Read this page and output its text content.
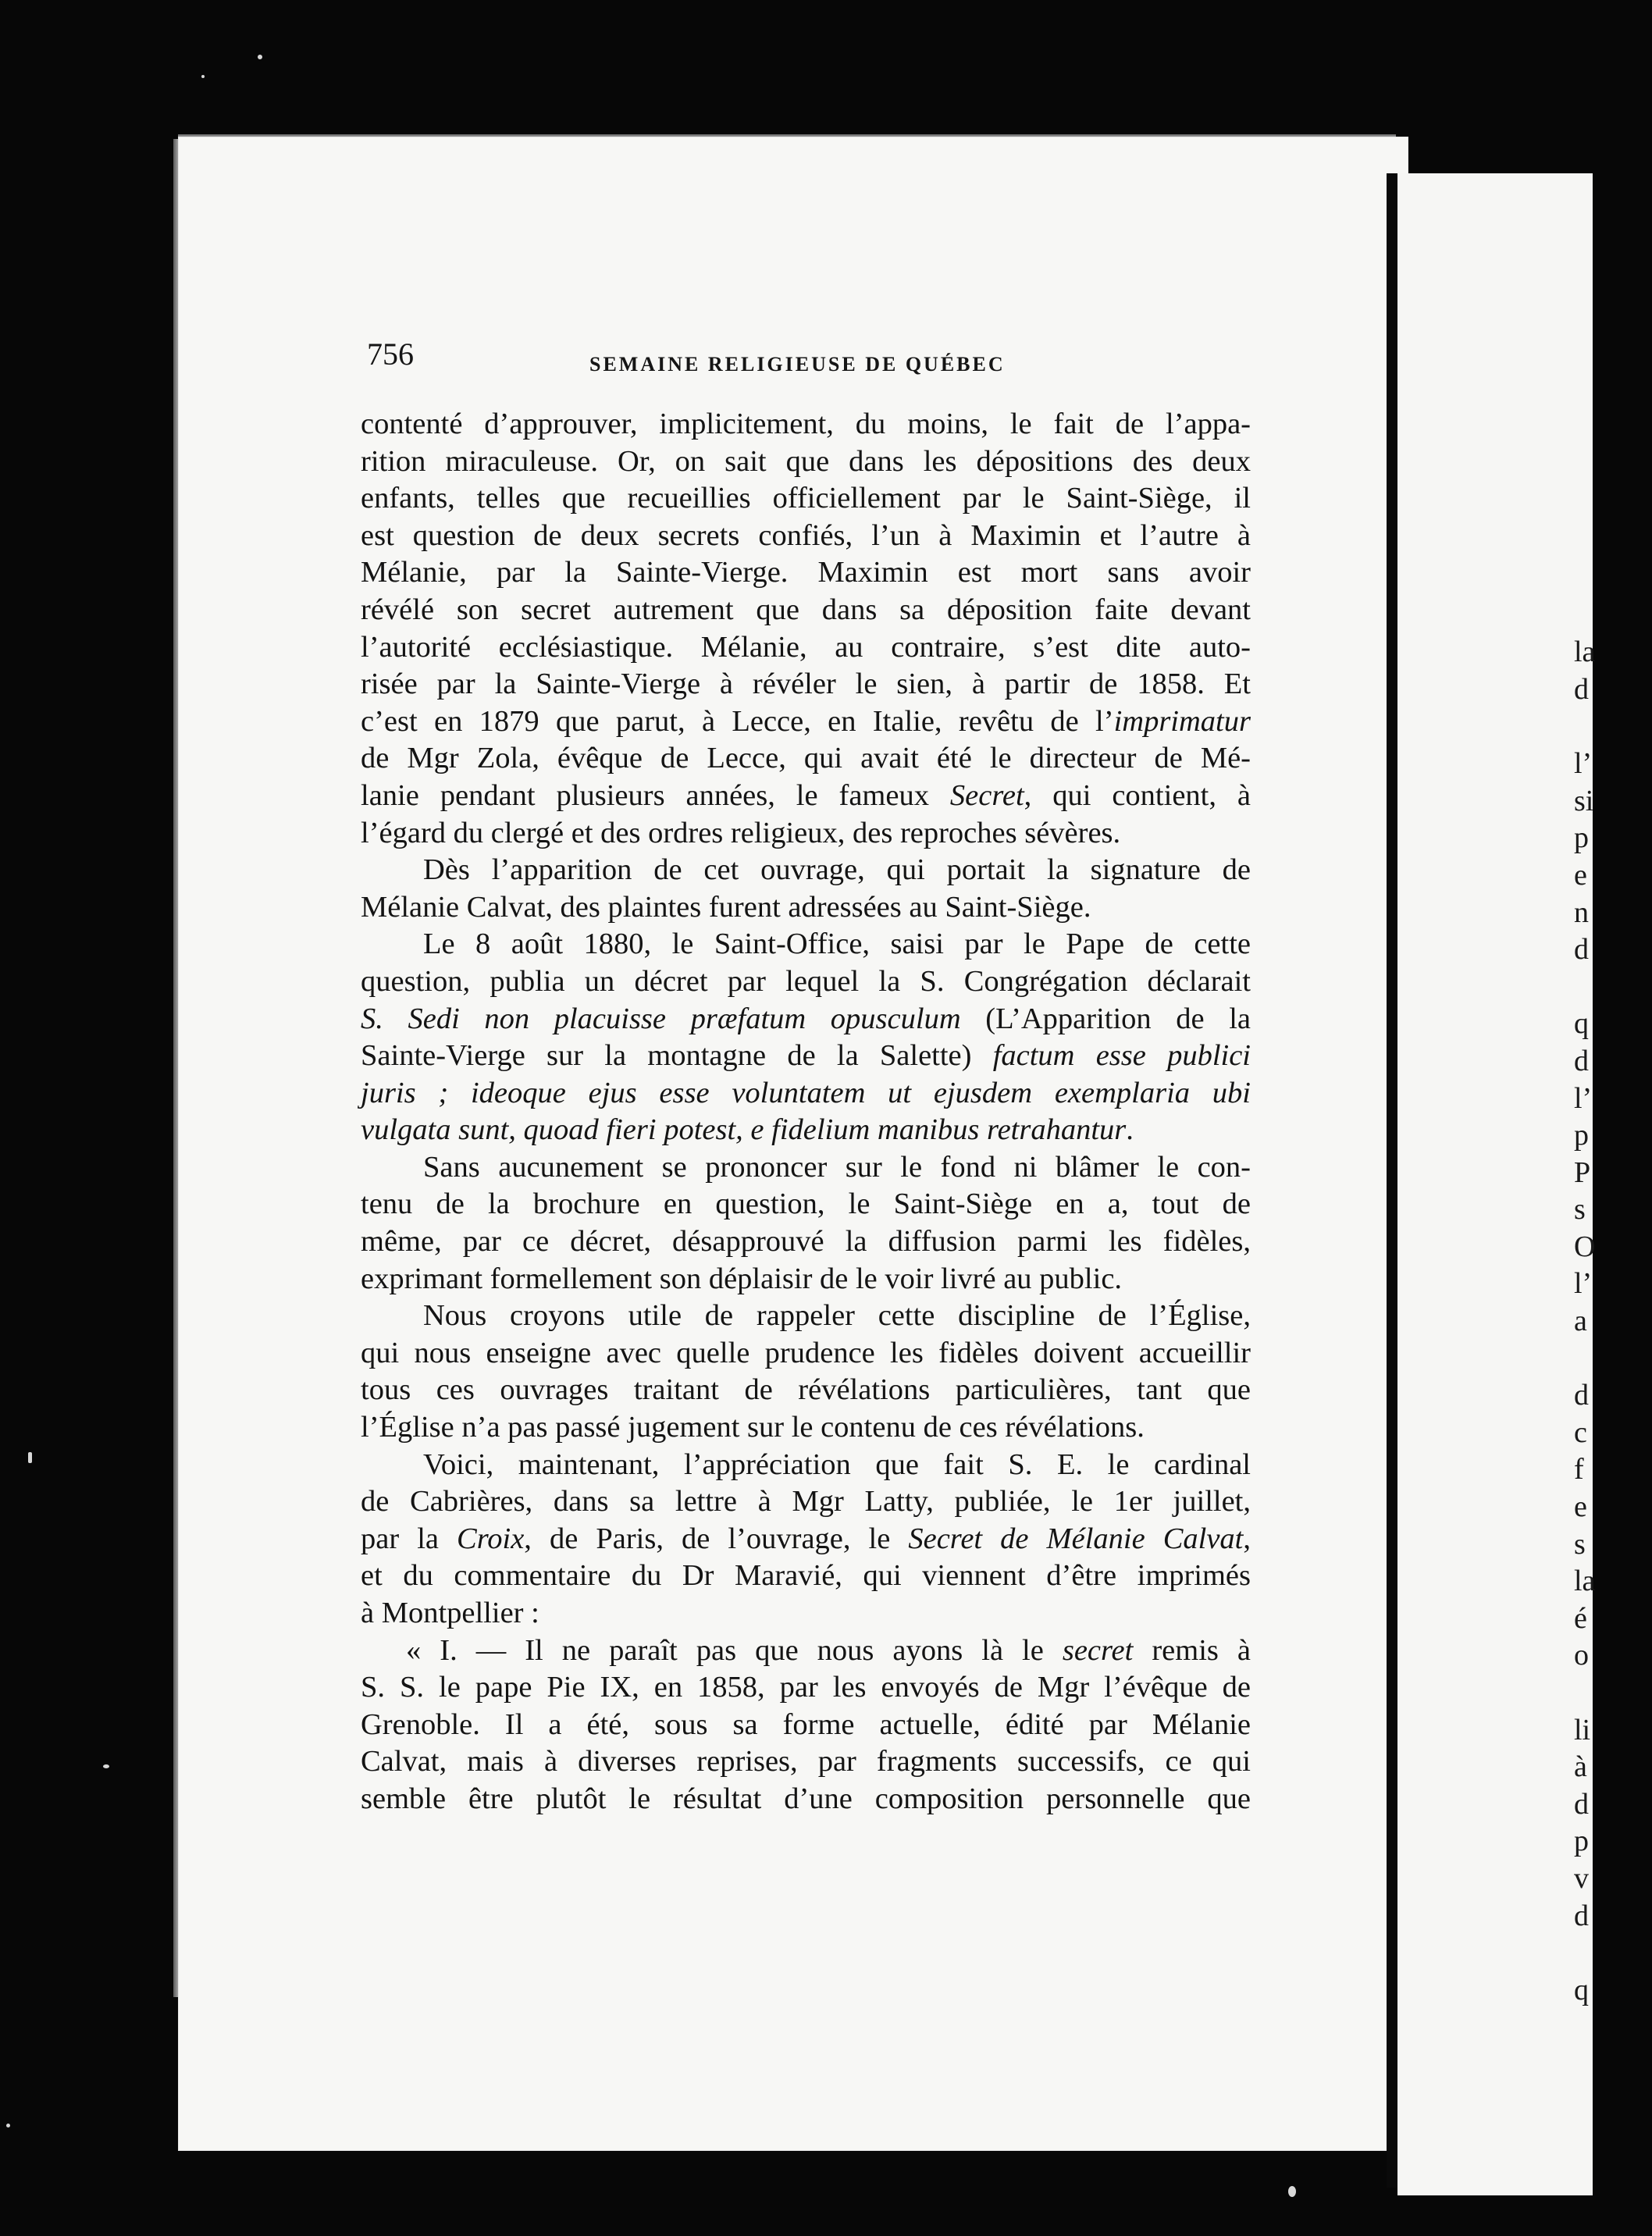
la
d
l’
si
p
e
n
d
q
d
l’
p
P
s
O
l’
a
d
c
f
e
s
la
é
o
li
à
d
p
v
d
q
756	SEMAINE RELIGIEUSE DE QUÉBEC
contenté d’approuver, implicitement, du moins, le fait de l’appa-
rition miraculeuse. Or, on sait que dans les dépositions des deux
enfants, telles que recueillies officiellement par le Saint-Siège, il
est question de deux secrets confiés, l’un à Maximin et l’autre à
Mélanie, par la Sainte-Vierge. Maximin est mort sans avoir
révélé son secret autrement que dans sa déposition faite devant
l’autorité ecclésiastique. Mélanie, au contraire, s’est dite auto-
risée par la Sainte-Vierge à révéler le sien, à partir de 1858. Et
c’est en 1879 que parut, à Lecce, en Italie, revêtu de l’imprimatur
de Mgr Zola, évêque de Lecce, qui avait été le directeur de Mé-
lanie pendant plusieurs années, le fameux Secret, qui contient, à
l’égard du clergé et des ordres religieux, des reproches sévères.
Dès l’apparition de cet ouvrage, qui portait la signature de
Mélanie Calvat, des plaintes furent adressées au Saint-Siège.
Le 8 août 1880, le Saint-Office, saisi par le Pape de cette
question, publia un décret par lequel la S. Congrégation déclarait
S. Sedi non placuisse præfatum opusculum (L’Apparition de la
Sainte-Vierge sur la montagne de la Salette) factum esse publici
juris ; ideoque ejus esse voluntatem ut ejusdem exemplaria ubi
vulgata sunt, quoad fieri potest, e fidelium manibus retrahantur.
Sans aucunement se prononcer sur le fond ni blâmer le con-
tenu de la brochure en question, le Saint-Siège en a, tout de
même, par ce décret, désapprouvé la diffusion parmi les fidèles,
exprimant formellement son déplaisir de le voir livré au public.
Nous croyons utile de rappeler cette discipline de l’Église,
qui nous enseigne avec quelle prudence les fidèles doivent accueillir
tous ces ouvrages traitant de révélations particulières, tant que
l’Église n’a pas passé jugement sur le contenu de ces révélations.
Voici, maintenant, l’appréciation que fait S. E. le cardinal
de Cabrières, dans sa lettre à Mgr Latty, publiée, le 1er juillet,
par la Croix, de Paris, de l’ouvrage, le Secret de Mélanie Calvat,
et du commentaire du Dr Maravié, qui viennent d’être imprimés
à Montpellier :
« I. — Il ne paraît pas que nous ayons là le secret remis à
S. S. le pape Pie IX, en 1858, par les envoyés de Mgr l’évêque de
Grenoble. Il a été, sous sa forme actuelle, édité par Mélanie
Calvat, mais à diverses reprises, par fragments successifs, ce qui
semble être plutôt le résultat d’une composition personnelle que
